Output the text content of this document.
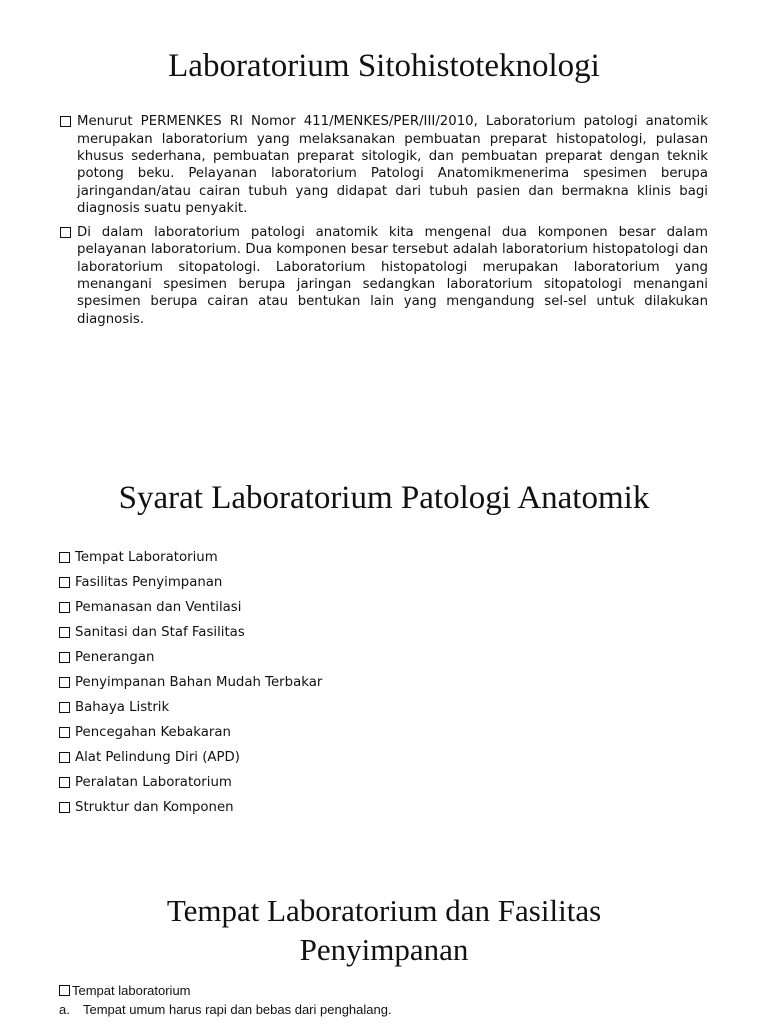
Laboratorium Sitohistoteknologi

Menurut PERMENKES RI Nomor 411/MENKES/PER/III/2010, Laboratorium patologi anatomik merupakan laboratorium yang melaksanakan pembuatan preparat histopatologi, pulasan khusus sederhana, pembuatan preparat sitologik, dan pembuatan preparat dengan teknik potong beku. Pelayanan laboratorium Patologi Anatomikmenerima spesimen berupa jaringandan/atau cairan tubuh yang didapat dari tubuh pasien dan bermakna klinis bagi diagnosis suatu penyakit.

Di dalam laboratorium patologi anatomik kita mengenal dua komponen besar dalam pelayanan laboratorium. Dua komponen besar tersebut adalah laboratorium histopatologi dan laboratorium sitopatologi. Laboratorium histopatologi merupakan laboratorium yang menangani spesimen berupa jaringan sedangkan laboratorium sitopatologi menangani spesimen berupa cairan atau bentukan lain yang mengandung sel-sel untuk dilakukan diagnosis.

Syarat Laboratorium Patologi Anatomik
Tempat Laboratorium
Fasilitas Penyimpanan
Pemanasan dan Ventilasi
Sanitasi dan Staf Fasilitas
Penerangan
Penyimpanan Bahan Mudah Terbakar
Bahaya Listrik
Pencegahan Kebakaran
Alat Pelindung Diri (APD)
Peralatan Laboratorium
Struktur dan Komponen
Tempat Laboratorium dan Fasilitas
Penyimpanan
Tempat laboratorium
a.	Tempat umum harus rapi dan bebas dari penghalang.
